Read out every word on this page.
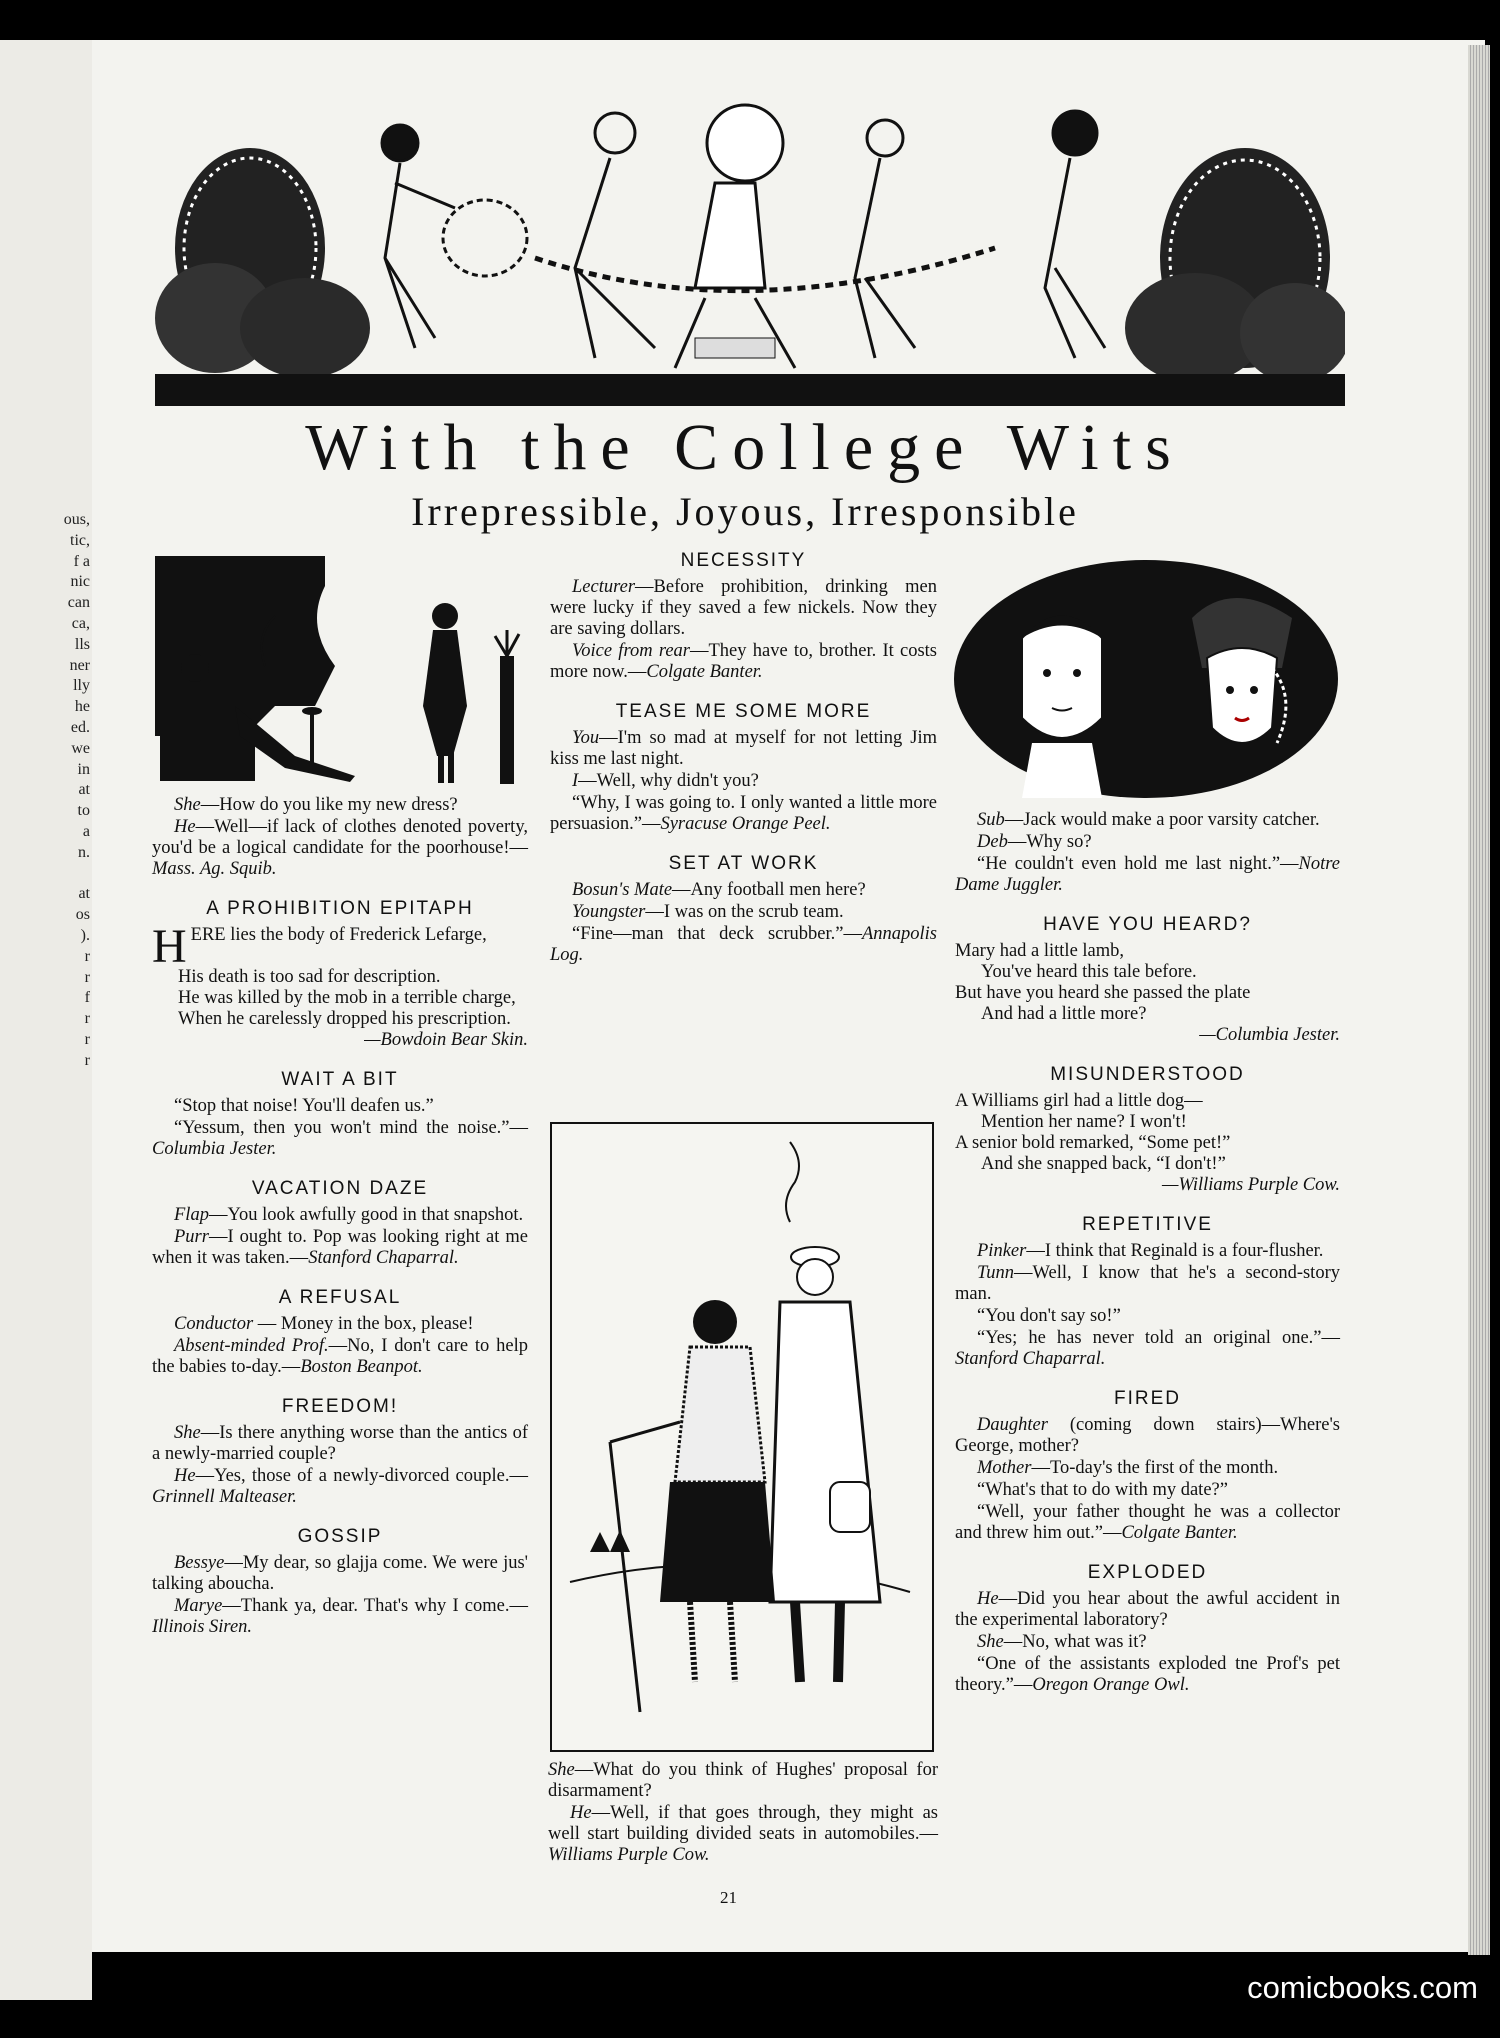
ous,
tic,
f a
nic
can
ca,
lls
ner
lly
he
ed.
we
in
at
to
a
n.
at
os
).
r
r
f
r
r
r
With the College Wits
Irrepressible, Joyous, Irresponsible

She—How do you like my new dress?

He—Well—if lack of clothes denoted poverty, you'd be a logical candidate for the poorhouse!—Mass. Ag. Squib.

A PROHIBITION EPITAPH

HERE lies the body of Frederick Lefarge,

His death is too sad for description.

He was killed by the mob in a terrible charge,

When he carelessly dropped his prescription.

—Bowdoin Bear Skin.

WAIT A BIT

“Stop that noise! You'll deafen us.”

“Yessum, then you won't mind the noise.”—Columbia Jester.

VACATION DAZE

Flap—You look awfully good in that snapshot.

Purr—I ought to. Pop was looking right at me when it was taken.—Stanford Chaparral.

A REFUSAL

Conductor — Money in the box, please!

Absent-minded Prof.—No, I don't care to help the babies to-day.—Boston Beanpot.

FREEDOM!

She—Is there anything worse than the antics of a newly-married couple?

He—Yes, those of a newly-divorced couple.—Grinnell Malteaser.

GOSSIP

Bessye—My dear, so glajja come. We were jus' talking aboucha.

Marye—Thank ya, dear. That's why I come.—Illinois Siren.

NECESSITY

Lecturer—Before prohibition, drinking men were lucky if they saved a few nickels. Now they are saving dollars.

Voice from rear—They have to, brother. It costs more now.—Colgate Banter.

TEASE ME SOME MORE

You—I'm so mad at myself for not letting Jim kiss me last night.

I—Well, why didn't you?

“Why, I was going to. I only wanted a little more persuasion.”—Syracuse Orange Peel.

SET AT WORK

Bosun's Mate—Any football men here?

Youngster—I was on the scrub team.

“Fine—man that deck scrubber.”—Annapolis Log.

She—What do you think of Hughes' proposal for disarmament?

He—Well, if that goes through, they might as well start building divided seats in automobiles.—Williams Purple Cow.

Sub—Jack would make a poor varsity catcher.

Deb—Why so?

“He couldn't even hold me last night.”—Notre Dame Juggler.

HAVE YOU HEARD?

Mary had a little lamb,

You've heard this tale before.

But have you heard she passed the plate

And had a little more?

—Columbia Jester.

MISUNDERSTOOD

A Williams girl had a little dog—

Mention her name? I won't!

A senior bold remarked, “Some pet!”

And she snapped back, “I don't!”

—Williams Purple Cow.

REPETITIVE

Pinker—I think that Reginald is a four-flusher.

Tunn—Well, I know that he's a second-story man.

“You don't say so!”

“Yes; he has never told an original one.”—Stanford Chaparral.

FIRED

Daughter (coming down stairs)—Where's George, mother?

Mother—To-day's the first of the month.

“What's that to do with my date?”

“Well, your father thought he was a collector and threw him out.”—Colgate Banter.

EXPLODED

He—Did you hear about the awful accident in the experimental laboratory?

She—No, what was it?

“One of the assistants exploded tne Prof's pet theory.”—Oregon Orange Owl.

21
comicbooks.com
